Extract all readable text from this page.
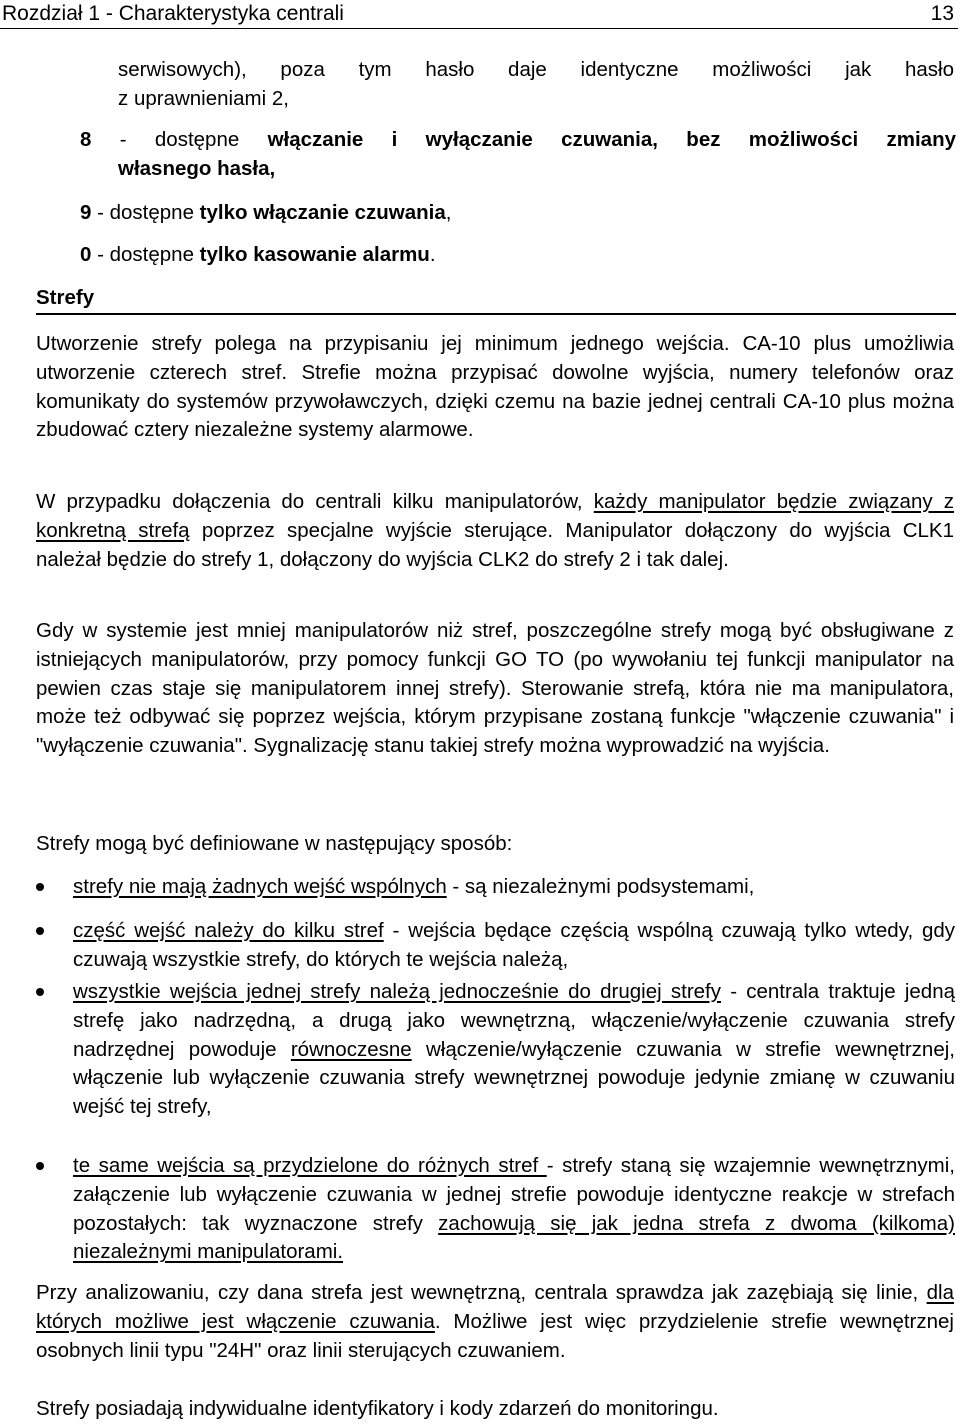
Rozdział 1 - Charakterystyka centrali	13
serwisowych), poza tym hasło daje identyczne możliwości jak hasło
z uprawnieniami 2,
8 - dostępne włączanie i wyłączanie czuwania, bez możliwości zmiany
własnego hasła,
9 - dostępne tylko włączanie czuwania,
0 - dostępne tylko kasowanie alarmu.
Strefy
Utworzenie strefy polega na przypisaniu jej minimum jednego wejścia. CA-10 plus umożliwia utworzenie czterech stref. Strefie można przypisać dowolne wyjścia, numery telefonów oraz komunikaty do systemów przywoławczych, dzięki czemu na bazie jednej centrali CA-10 plus można zbudować cztery niezależne systemy alarmowe.
W przypadku dołączenia do centrali kilku manipulatorów, każdy manipulator będzie związany z konkretną strefą poprzez specjalne wyjście sterujące. Manipulator dołączony do wyjścia CLK1 należał będzie do strefy 1, dołączony do wyjścia CLK2 do strefy 2 i tak dalej.
Gdy w systemie jest mniej manipulatorów niż stref, poszczególne strefy mogą być obsługiwane z istniejących manipulatorów, przy pomocy funkcji GO TO (po wywołaniu tej funkcji manipulator na pewien czas staje się manipulatorem innej strefy). Sterowanie strefą, która nie ma manipulatora, może też odbywać się poprzez wejścia, którym przypisane zostaną funkcje "włączenie czuwania" i "wyłączenie czuwania". Sygnalizację stanu takiej strefy można wyprowadzić na wyjścia.
Strefy mogą być definiowane w następujący sposób:
strefy nie mają żadnych wejść wspólnych - są niezależnymi podsystemami,
część wejść należy do kilku stref - wejścia będące częścią wspólną czuwają tylko wtedy, gdy czuwają wszystkie strefy, do których te wejścia należą,
wszystkie wejścia jednej strefy należą jednocześnie do drugiej strefy - centrala traktuje jedną strefę jako nadrzędną, a drugą jako wewnętrzną, włączenie/wyłączenie czuwania strefy nadrzędnej powoduje równoczesne włączenie/wyłączenie czuwania w strefie wewnętrznej, włączenie lub wyłączenie czuwania strefy wewnętrznej powoduje jedynie zmianę w czuwaniu wejść tej strefy,
te same wejścia są przydzielone do różnych stref - strefy staną się wzajemnie wewnętrznymi, załączenie lub wyłączenie czuwania w jednej strefie powoduje identyczne reakcje w strefach pozostałych: tak wyznaczone strefy zachowują się jak jedna strefa z dwoma (kilkoma) niezależnymi manipulatorami.
Przy analizowaniu, czy dana strefa jest wewnętrzną, centrala sprawdza jak zazębiają się linie, dla których możliwe jest włączenie czuwania. Możliwe jest więc przydzielenie strefie wewnętrznej osobnych linii typu "24H" oraz linii sterujących czuwaniem.
Strefy posiadają indywidualne identyfikatory i kody zdarzeń do monitoringu.
